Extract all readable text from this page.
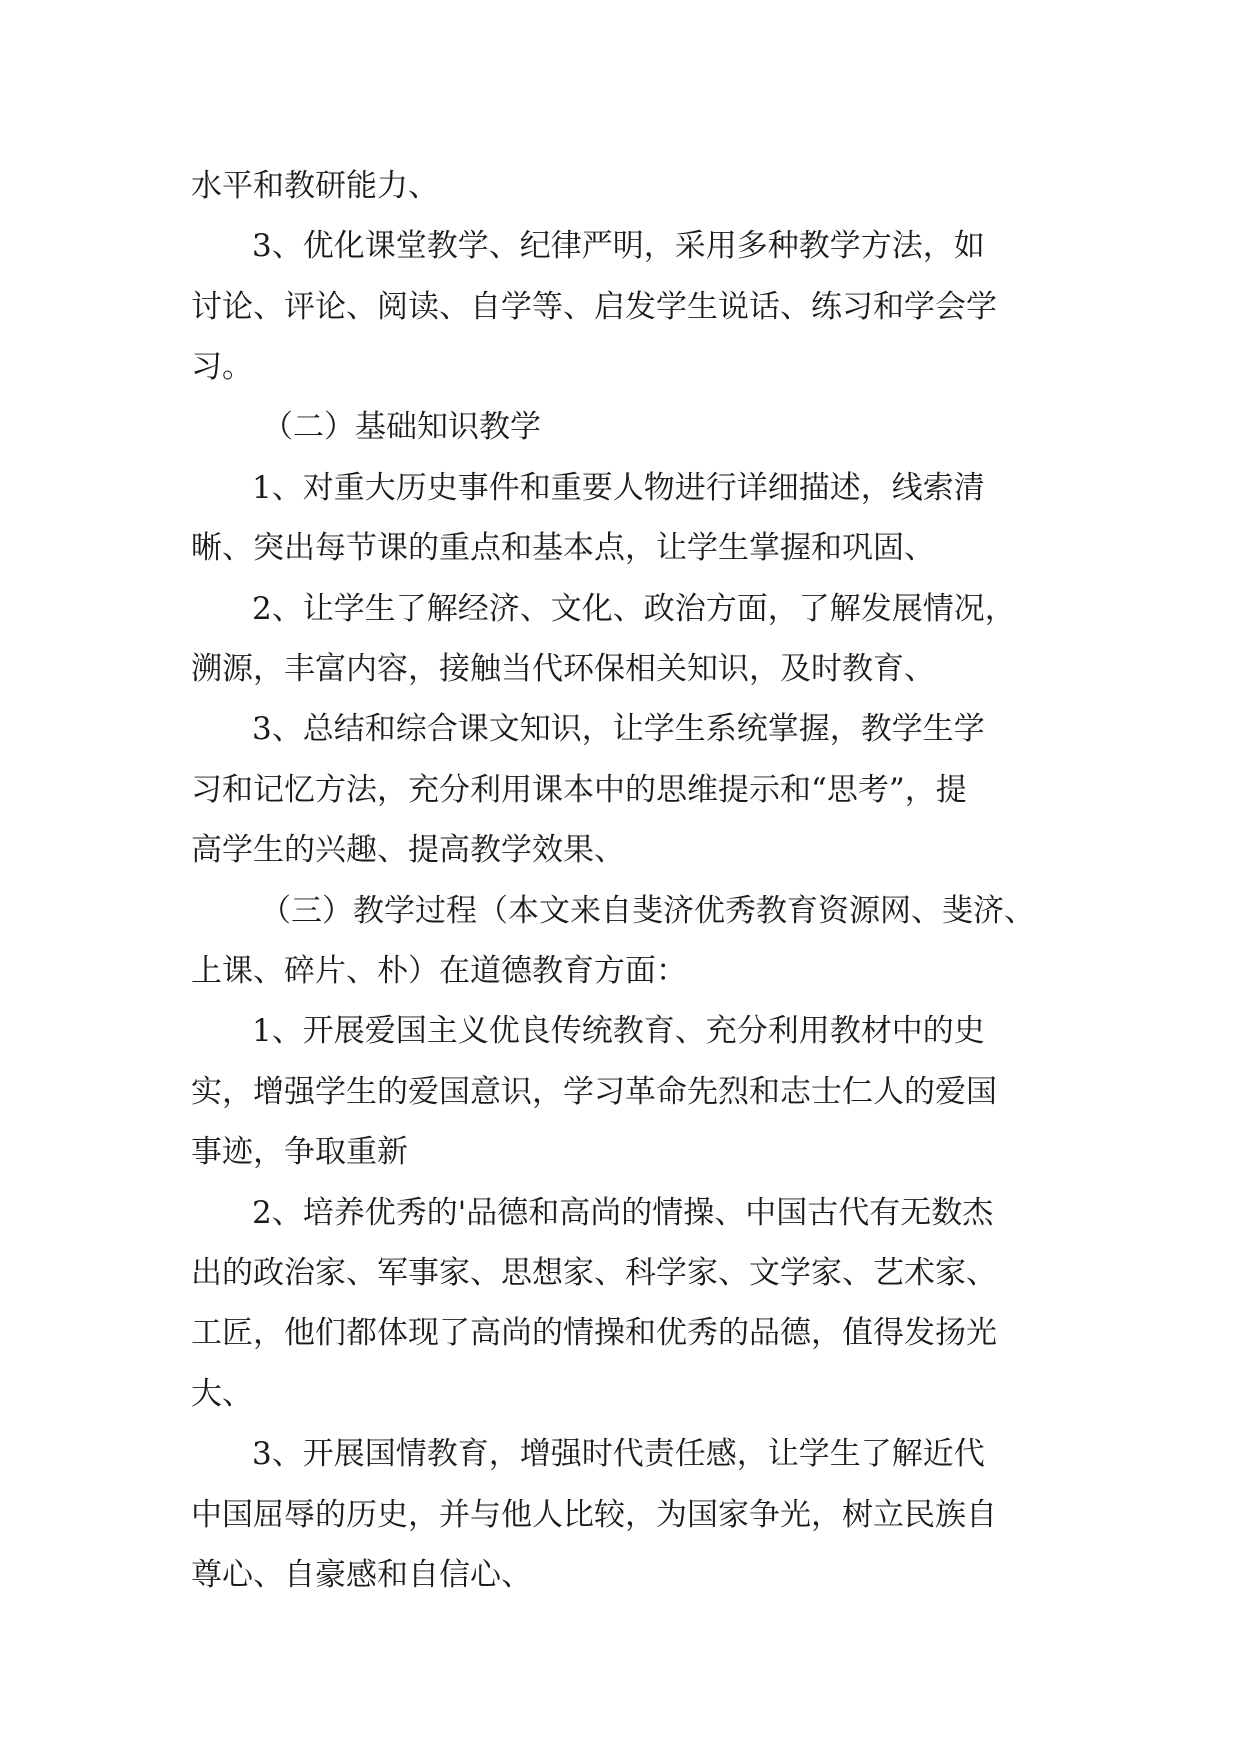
水平和教研能力、
3、优化课堂教学、纪律严明，采用多种教学方法，如
讨论、评论、阅读、自学等、启发学生说话、练习和学会学
习。
（二）基础知识教学
1、对重大历史事件和重要人物进行详细描述，线索清
晰、突出每节课的重点和基本点，让学生掌握和巩固、
2、让学生了解经济、文化、政治方面，了解发展情况，
溯源，丰富内容，接触当代环保相关知识，及时教育、
3、总结和综合课文知识，让学生系统掌握，教学生学
习和记忆方法，充分利用课本中的思维提示和“思考”，提
高学生的兴趣、提高教学效果、
（三）教学过程（本文来自斐济优秀教育资源网、斐济、
上课、碎片、朴）在道德教育方面：
1、开展爱国主义优良传统教育、充分利用教材中的史
实，增强学生的爱国意识，学习革命先烈和志士仁人的爱国
事迹，争取重新
2、培养优秀的'品德和高尚的情操、中国古代有无数杰
出的政治家、军事家、思想家、科学家、文学家、艺术家、
工匠，他们都体现了高尚的情操和优秀的品德，值得发扬光
大、
3、开展国情教育，增强时代责任感，让学生了解近代
中国屈辱的历史，并与他人比较，为国家争光，树立民族自
尊心、自豪感和自信心、
